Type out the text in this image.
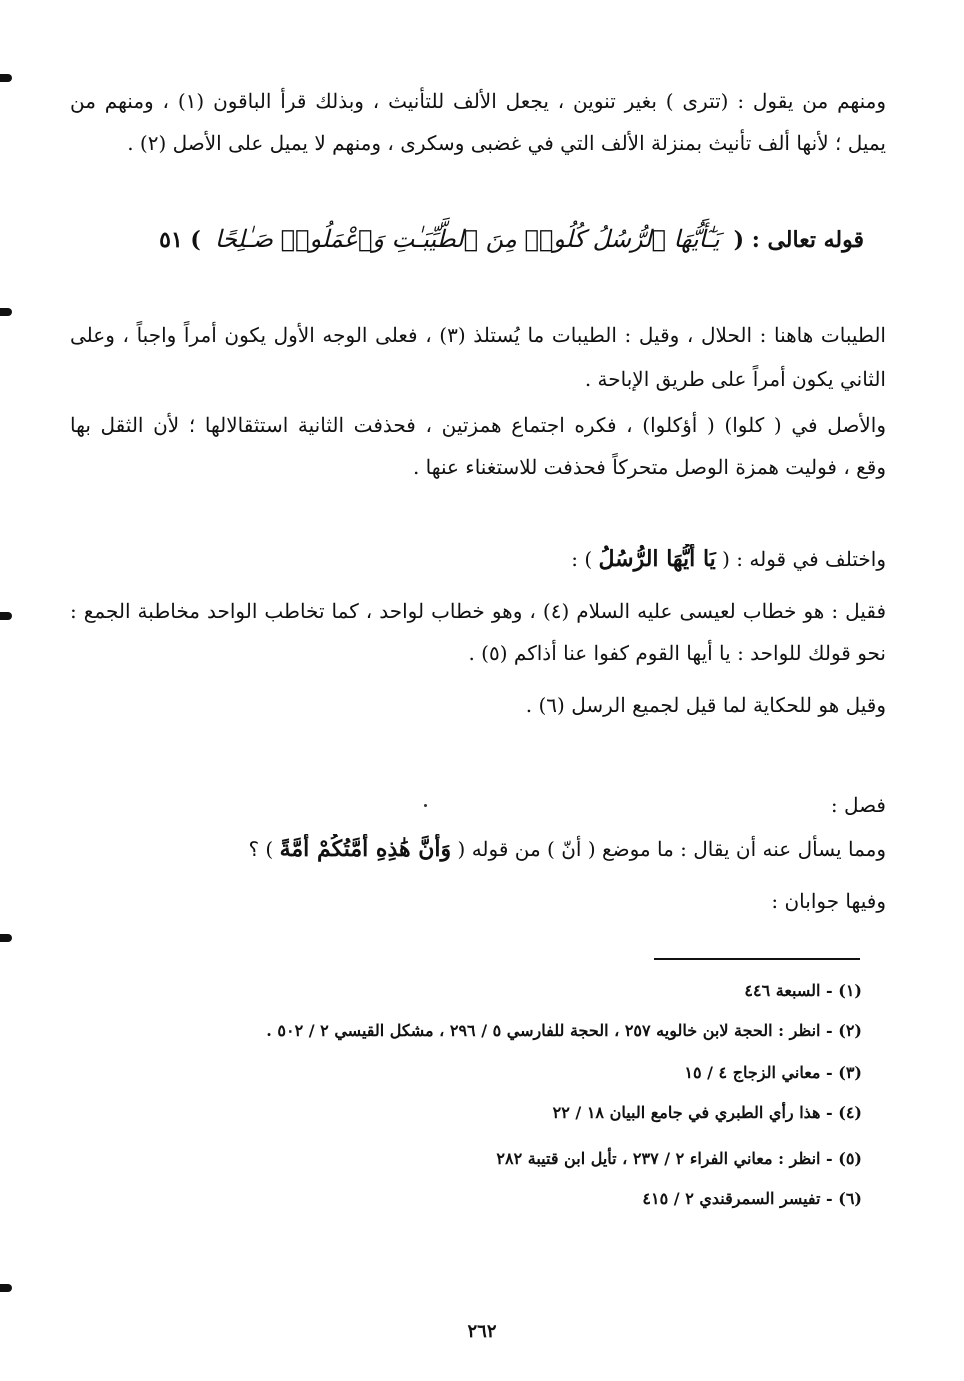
ومنهم من يقول : (تترى ) بغير تنوين ، يجعل الألف للتأنيث ، وبذلك قرأ الباقون (١) ، ومنهم من
يميل ؛ لأنها ألف تأنيث بمنزلة الألف التي في غضبى وسكرى ، ومنهم لا يميل على الأصل (٢) .
قوله تعالى : (يَـٰٓأَيُّهَا ٱلرُّسُلُ كُلُوا۟ مِنَ ٱلطَّيِّبَـٰتِ وَٱعْمَلُوا۟ صَـٰلِحًا) ٥١
الطيبات هاهنا : الحلال ، وقيل : الطيبات ما يُستلذ (٣) ، فعلى الوجه الأول يكون أمراً واجباً ، وعلى
الثاني يكون أمراً على طريق الإباحة .
والأصل في ( كلوا) ( أؤكلوا) ، فكره اجتماع همزتين ، فحذفت الثانية استثقالالها ؛ لأن الثقل بها
وقع ، فوليت همزة الوصل متحركاً فحذفت للاستغناء عنها .
واختلف في قوله : ( يَا أَيُّهَا الرُّسُلُ ) :
فقيل : هو خطاب لعيسى عليه السلام (٤) ، وهو خطاب لواحد ، كما تخاطب الواحد مخاطبة الجمع :
نحو قولك للواحد : يا أيها القوم كفوا عنا أذاكم (٥) .
وقيل هو للحكاية لما قيل لجميع الرسل (٦) .
فصل :
ومما يسأل عنه أن يقال : ما موضع ( أنّ ) من قوله ( وَأَنَّ هَٰذِهِ أُمَّتُكُمْ أُمَّةً ) ؟
وفيها جوابان :
(١) - السبعة ٤٤٦
(٢) - انظر : الحجة لابن خالويه ٢٥٧ ، الحجة للفارسي ٥ / ٢٩٦ ، مشكل القيسي ٢ / ٥٠٢ .
(٣) - معاني الزجاج ٤ / ١٥
(٤) - هذا رأي الطبري في جامع البيان ١٨ / ٢٢
(٥) - انظر : معاني الفراء ٢ / ٢٣٧ ، تأيل ابن قتيبة ٢٨٢
(٦) - تفيسر السمرقندي ٢ / ٤١٥
٢٦٢
